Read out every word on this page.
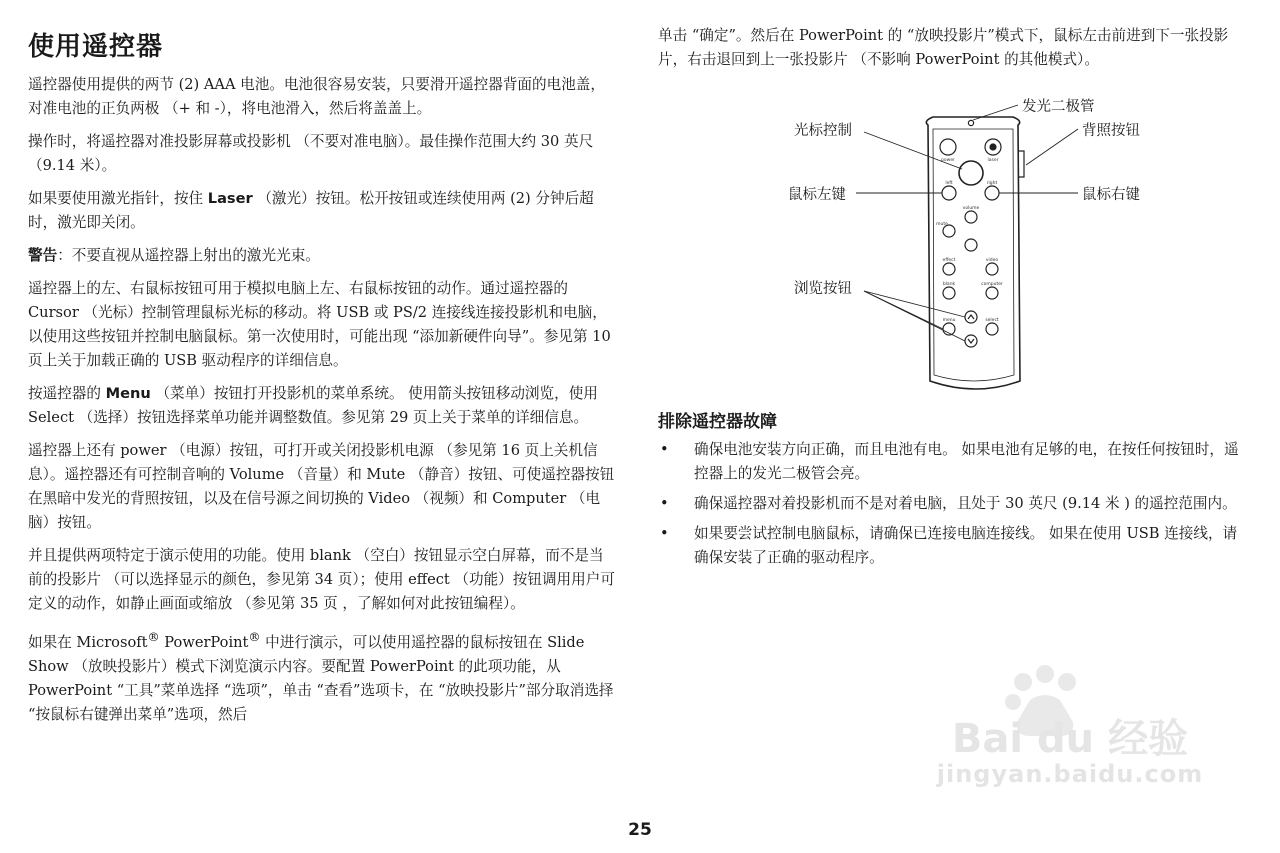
使用遥控器

遥控器使用提供的两节 (2) AAA 电池。电池很容易安装，只要滑开遥控器背面的电池盖，对准电池的正负两极 （+ 和 -），将电池滑入，然后将盖盖上。

操作时，将遥控器对准投影屏幕或投影机 （不要对准电脑）。最佳操作范围大约 30 英尺 （9.14 米）。

如果要使用激光指针，按住 Laser （激光）按钮。松开按钮或连续使用两 (2) 分钟后超时，激光即关闭。

警告：不要直视从遥控器上射出的激光光束。

遥控器上的左、右鼠标按钮可用于模拟电脑上左、右鼠标按钮的动作。通过遥控器的 Cursor （光标）控制管理鼠标光标的移动。将 USB 或 PS/2 连接线连接投影机和电脑，以使用这些按钮并控制电脑鼠标。第一次使用时，可能出现 “添加新硬件向导”。参见第 10 页上关于加载正确的 USB 驱动程序的详细信息。

按遥控器的 Menu （菜单）按钮打开投影机的菜单系统。 使用箭头按钮移动浏览，使用 Select （选择）按钮选择菜单功能并调整数值。参见第 29 页上关于菜单的详细信息。

遥控器上还有 power （电源）按钮，可打开或关闭投影机电源 （参见第 16 页上关机信息）。遥控器还有可控制音响的 Volume （音量）和 Mute （静音）按钮、可使遥控器按钮在黑暗中发光的背照按钮，以及在信号源之间切换的 Video （视频）和 Computer （电脑）按钮。

并且提供两项特定于演示使用的功能。使用 blank （空白）按钮显示空白屏幕，而不是当前的投影片 （可以选择显示的颜色，参见第 34 页）；使用 effect （功能）按钮调用用户可定义的动作，如静止画面或缩放 （参见第 35 页 ，了解如何对此按钮编程）。

如果在 Microsoft® PowerPoint® 中进行演示，可以使用遥控器的鼠标按钮在 Slide Show （放映投影片）模式下浏览演示内容。要配置 PowerPoint 的此项功能，从 PowerPoint “工具”菜单选择 “选项”，单击 “查看”选项卡，在 “放映投影片”部分取消选择 “按鼠标右键弹出菜单”选项，然后

单击 “确定”。然后在 PowerPoint 的 “放映投影片”模式下，鼠标左击前进到下一张投影片，右击退回到上一张投影片 （不影响 PowerPoint 的其他模式）。

power	laser
left	right
volume
mute
effect	video
blank	computer
menu	select
发光二极管
光标控制	背照按钮
鼠标左键	鼠标右键
浏览按钮
排除遥控器故障
• 确保电池安装方向正确，而且电池有电。 如果电池有足够的电，在按任何按钮时，遥控器上的发光二极管会亮。
• 确保遥控器对着投影机而不是对着电脑，且处于 30 英尺 (9.14 米 ) 的遥控范围内。
• 如果要尝试控制电脑鼠标，请确保已连接电脑连接线。 如果在使用 USB 连接线，请确保安装了正确的驱动程序。
25
Bai du 经验
jingyan.baidu.com
